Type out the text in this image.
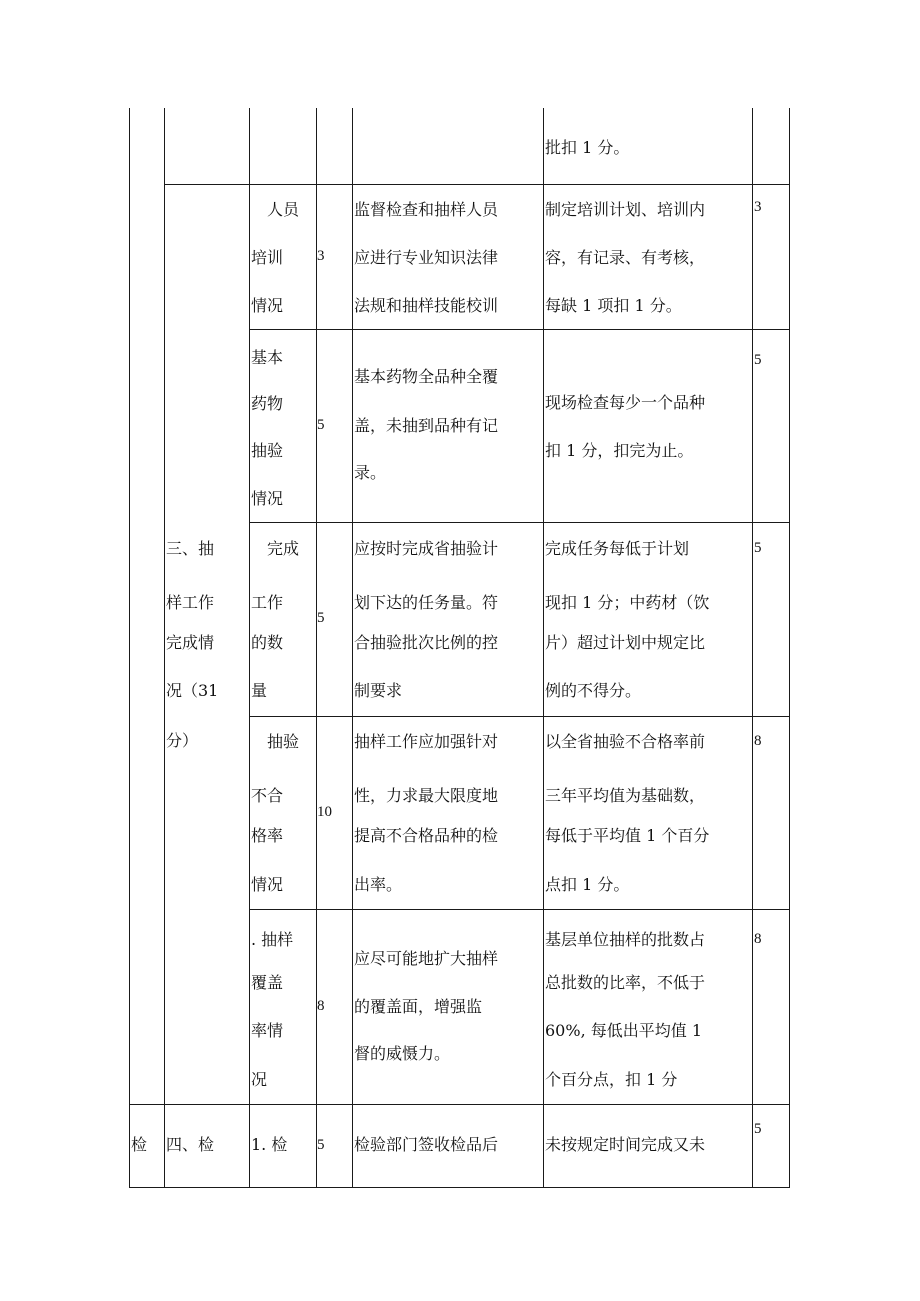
批扣 1 分。
人员
培训
情况
3
监督检查和抽样人员
应进行专业知识法律
法规和抽样技能校训
制定培训计划、培训内
容，有记录、有考核，
每缺 1 项扣 1 分。
3
基本
药物
抽验
情况
5
基本药物全品种全覆
盖，未抽到品种有记
录。
现场检查每少一个品种
扣 1 分，扣完为止。
5
三、抽
样工作
完成情
况（31
分）
完成
工作
的数
量
5
应按时完成省抽验计
划下达的任务量。符
合抽验批次比例的控
制要求
完成任务每低于计划
现扣 1 分；中药材（饮
片）超过计划中规定比
例的不得分。
5
抽验
不合
格率
情况
10
抽样工作应加强针对
性，力求最大限度地
提高不合格品种的检
出率。
以全省抽验不合格率前
三年平均值为基础数，
每低于平均值 1 个百分
点扣 1 分。
8
. 抽样
覆盖
率情
况
8
应尽可能地扩大抽样
的覆盖面，增强监
督的威慑力。
基层单位抽样的批数占
总批数的比率，不低于
60%, 每低出平均值 1
个百分点，扣 1 分
8
检 四、检 1. 检 5 检验部门签收检品后	未按规定时间完成又未
5
